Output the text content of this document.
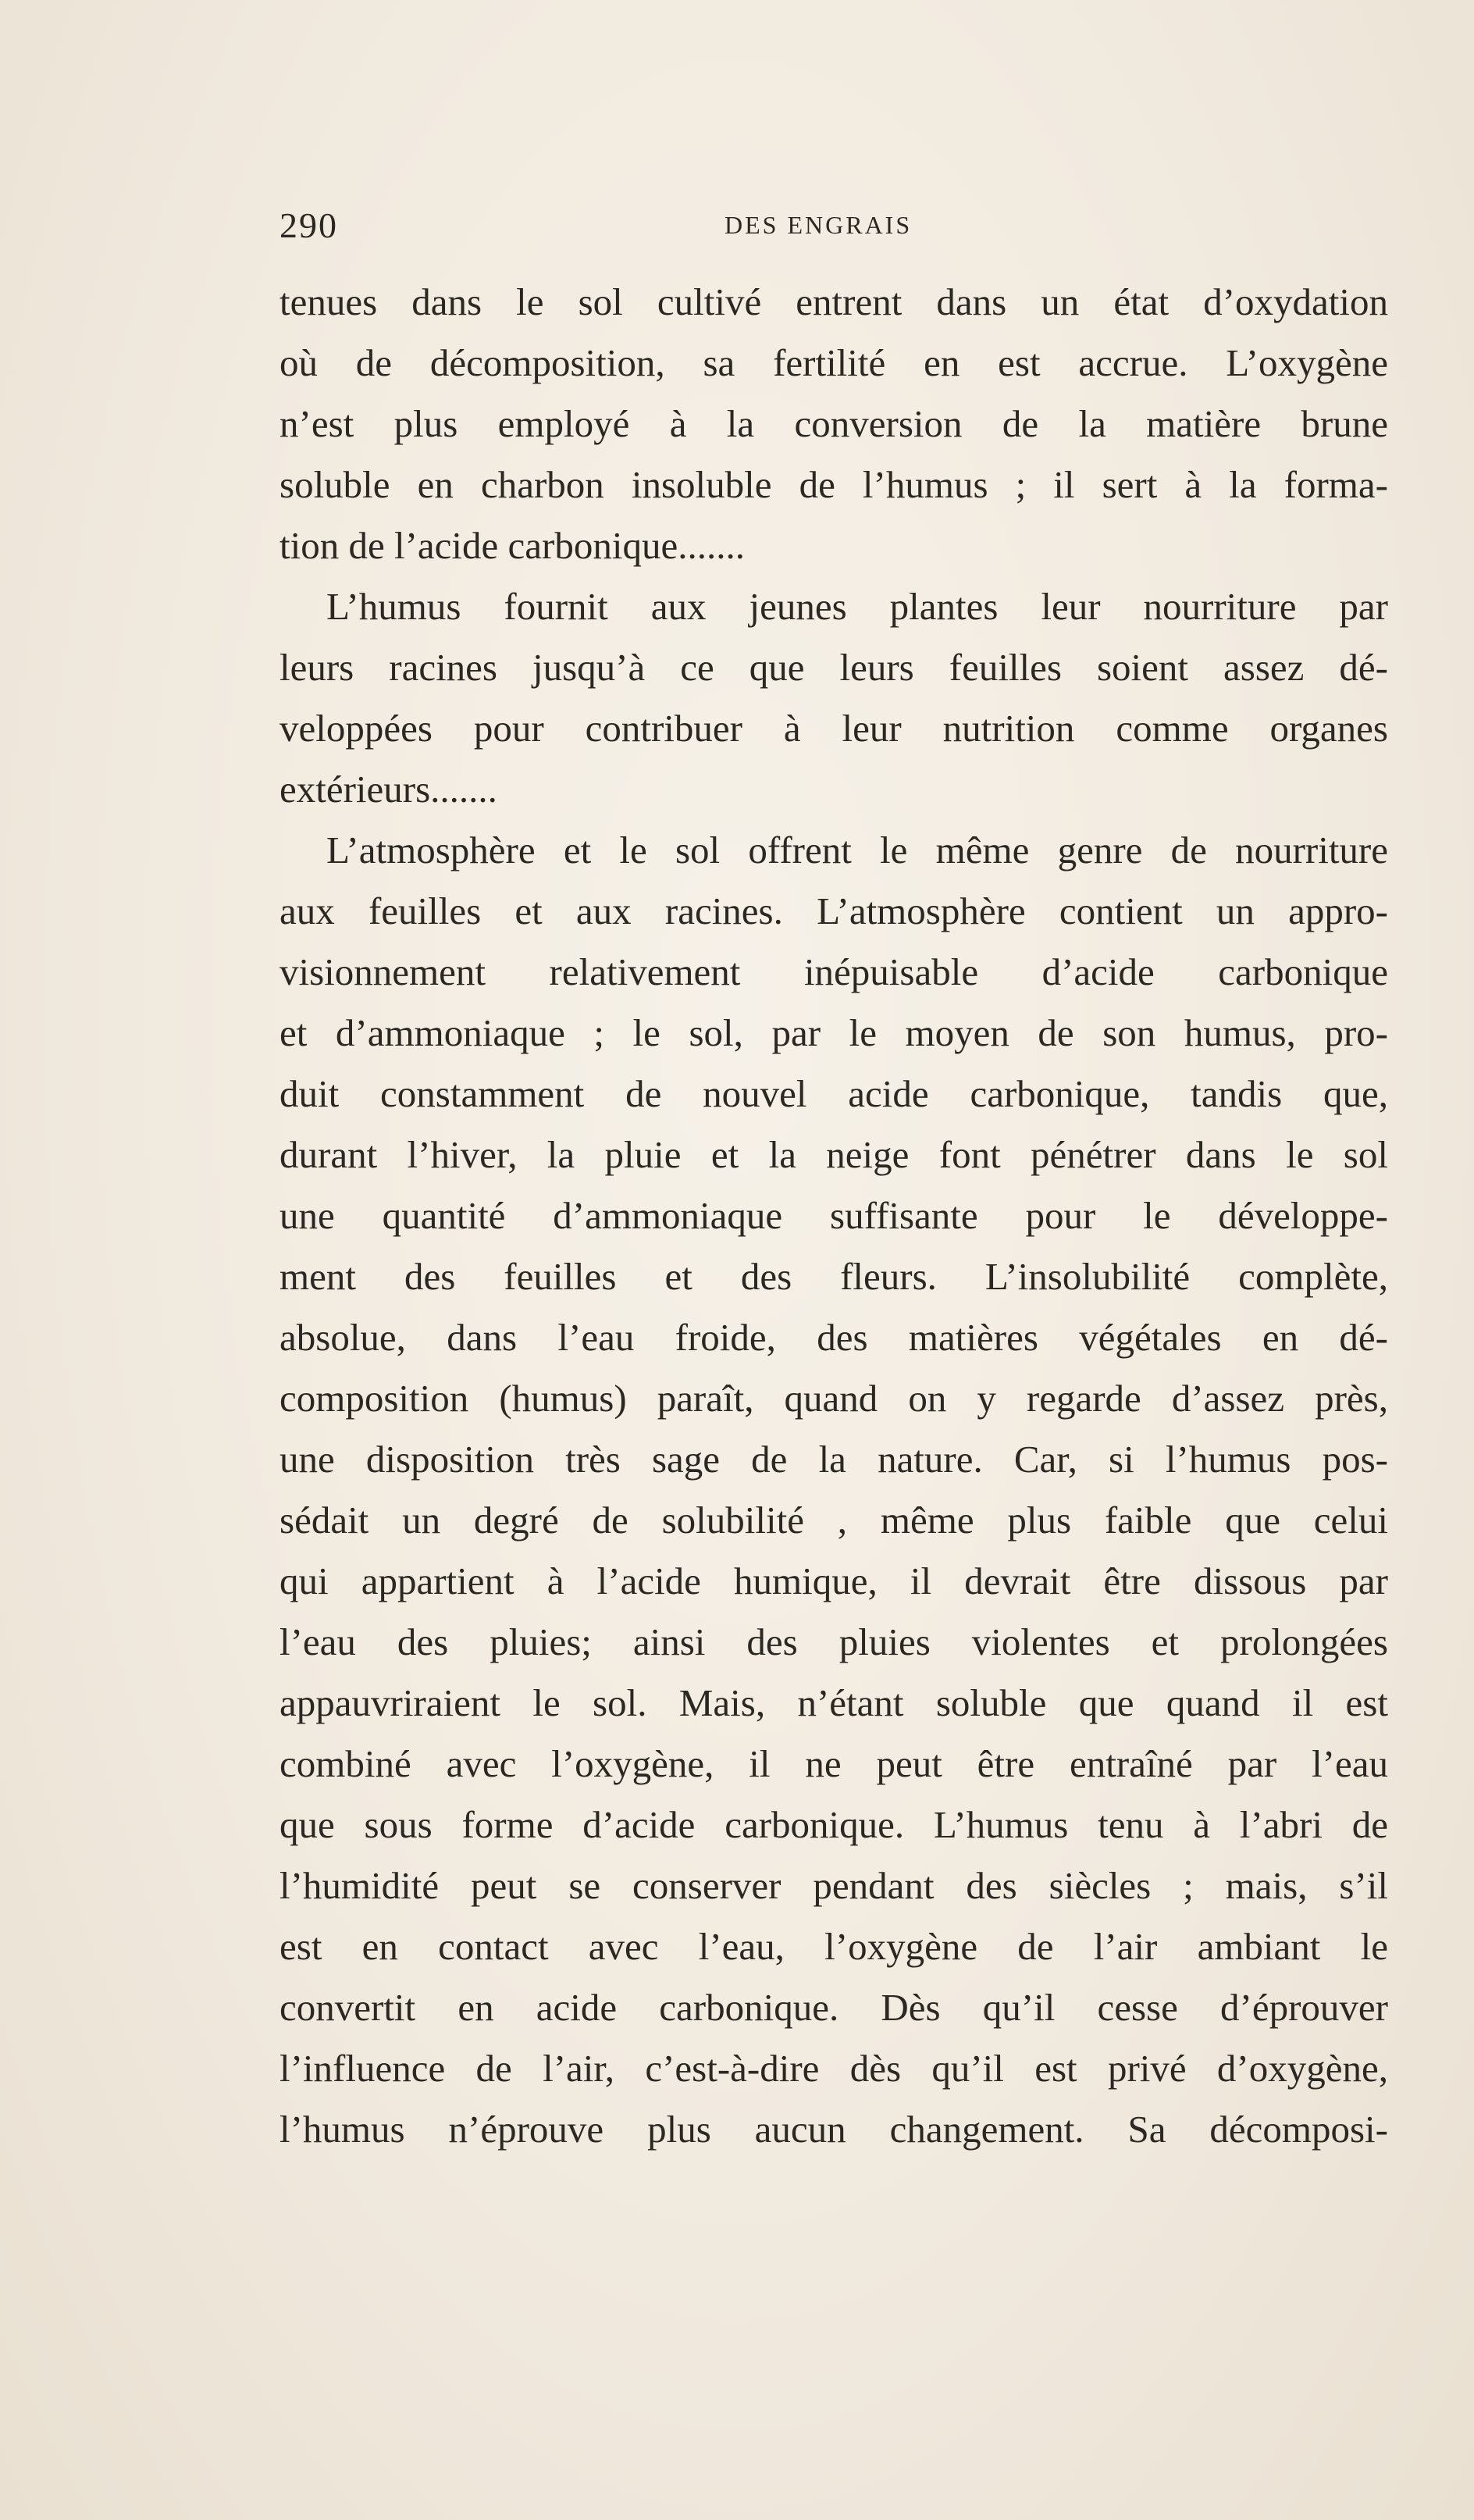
290	DES ENGRAIS
tenues dans le sol cultivé entrent dans un état d’oxydation
où de décomposition, sa fertilité en est accrue. L’oxygène
n’est plus employé à la conversion de la matière brune
soluble en charbon insoluble de l’humus ; il sert à la forma-
tion de l’acide carbonique.......
L’humus fournit aux jeunes plantes leur nourriture par
leurs racines jusqu’à ce que leurs feuilles soient assez dé-
veloppées pour contribuer à leur nutrition comme organes
extérieurs.......
L’atmosphère et le sol offrent le même genre de nourriture
aux feuilles et aux racines. L’atmosphère contient un appro-
visionnement relativement inépuisable d’acide carbonique
et d’ammoniaque ; le sol, par le moyen de son humus, pro-
duit constamment de nouvel acide carbonique, tandis que,
durant l’hiver, la pluie et la neige font pénétrer dans le sol
une quantité d’ammoniaque suffisante pour le développe-
ment des feuilles et des fleurs. L’insolubilité complète,
absolue, dans l’eau froide, des matières végétales en dé-
composition (humus) paraît, quand on y regarde d’assez près,
une disposition très sage de la nature. Car, si l’humus pos-
sédait un degré de solubilité , même plus faible que celui
qui appartient à l’acide humique, il devrait être dissous par
l’eau des pluies; ainsi des pluies violentes et prolongées
appauvriraient le sol. Mais, n’étant soluble que quand il est
combiné avec l’oxygène, il ne peut être entraîné par l’eau
que sous forme d’acide carbonique. L’humus tenu à l’abri de
l’humidité peut se conserver pendant des siècles ; mais, s’il
est en contact avec l’eau, l’oxygène de l’air ambiant le
convertit en acide carbonique. Dès qu’il cesse d’éprouver
l’influence de l’air, c’est-à-dire dès qu’il est privé d’oxygène,
l’humus n’éprouve plus aucun changement. Sa décomposi-
